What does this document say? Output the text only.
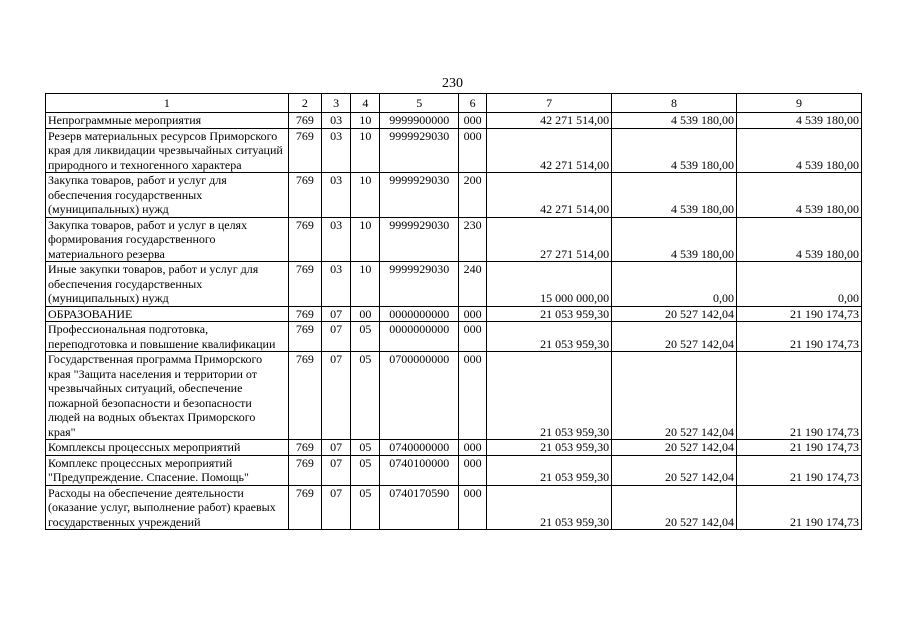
230
1	2	3	4	5	6	7	8	9
Непрограммные мероприятия	769	03	10	9999900000	000	42 271 514,00	4 539 180,00	4 539 180,00
Резерв материальных ресурсов Приморского края для ликвидации чрезвычайных ситуаций природного и техногенного характера	769	03	10	9999929030	000	42 271 514,00	4 539 180,00	4 539 180,00
Закупка товаров, работ и услуг для обеспечения государственных (муниципальных) нужд	769	03	10	9999929030	200	42 271 514,00	4 539 180,00	4 539 180,00
Закупка товаров, работ и услуг в целях формирования государственного материального резерва	769	03	10	9999929030	230	27 271 514,00	4 539 180,00	4 539 180,00
Иные закупки товаров, работ и услуг для обеспечения государственных (муниципальных) нужд	769	03	10	9999929030	240	15 000 000,00	0,00	0,00
ОБРАЗОВАНИЕ	769	07	00	0000000000	000	21 053 959,30	20 527 142,04	21 190 174,73
Профессиональная подготовка, переподготовка и повышение квалификации	769	07	05	0000000000	000	21 053 959,30	20 527 142,04	21 190 174,73
Государственная программа Приморского края "Защита населения и территории от чрезвычайных ситуаций, обеспечение пожарной безопасности и безопасности людей на водных объектах Приморского края"	769	07	05	0700000000	000	21 053 959,30	20 527 142,04	21 190 174,73
Комплексы процессных мероприятий	769	07	05	0740000000	000	21 053 959,30	20 527 142,04	21 190 174,73
Комплекс процессных мероприятий "Предупреждение. Спасение. Помощь"	769	07	05	0740100000	000	21 053 959,30	20 527 142,04	21 190 174,73
Расходы на обеспечение деятельности (оказание услуг, выполнение работ) краевых государственных учреждений	769	07	05	0740170590	000	21 053 959,30	20 527 142,04	21 190 174,73
